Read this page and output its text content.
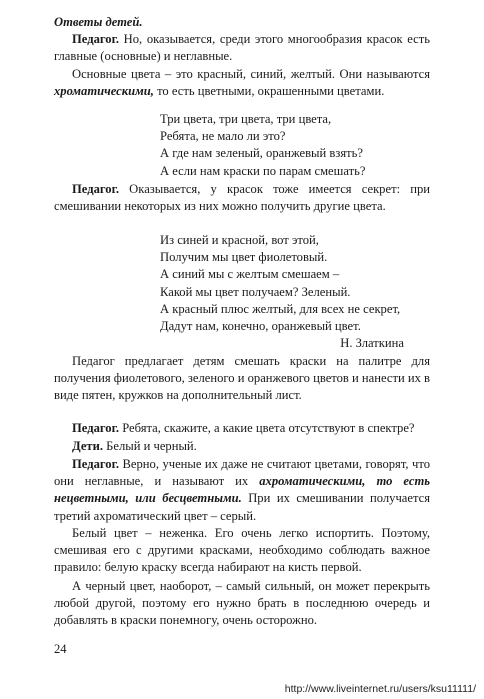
Ответы детей.

Педагог. Но, оказывается, среди этого многообразия красок есть главные (основные) и неглавные.

Основные цвета – это красный, синий, желтый. Они называются хроматическими, то есть цветными, окрашенными цветами.

Три цвета, три цвета, три цвета,
Ребята, не мало ли это?
А где нам зеленый, оранжевый взять?
А если нам краски по парам смешать?

Педагог. Оказывается, у красок тоже имеется секрет: при смешивании некоторых из них можно получить другие цвета.

Из синей и красной, вот этой,
Получим мы цвет фиолетовый.
А синий мы с желтым смешаем –
Какой мы цвет получаем? Зеленый.
А красный плюс желтый, для всех не секрет,
Дадут нам, конечно, оранжевый цвет.
Н. Златкина

Педагог предлагает детям смешать краски на палитре для получения фиолетового, зеленого и оранжевого цветов и нанести их в виде пятен, кружков на дополнительный лист.

Педагог. Ребята, скажите, а какие цвета отсутствуют в спектре?

Дети. Белый и черный.

Педагог. Верно, ученые их даже не считают цветами, говорят, что они неглавные, и называют их ахроматическими, то есть нецветными, или бесцветными. При их смешивании получается третий ахроматический цвет – серый.

Белый цвет – неженка. Его очень легко испортить. Поэтому, смешивая его с другими красками, необходимо соблюдать важное правило: белую краску всегда набирают на кисть первой.

А черный цвет, наоборот, – самый сильный, он может перекрыть любой другой, поэтому его нужно брать в последнюю очередь и добавлять в краски понемногу, очень осторожно.

24
http://www.liveinternet.ru/users/ksu11111/
